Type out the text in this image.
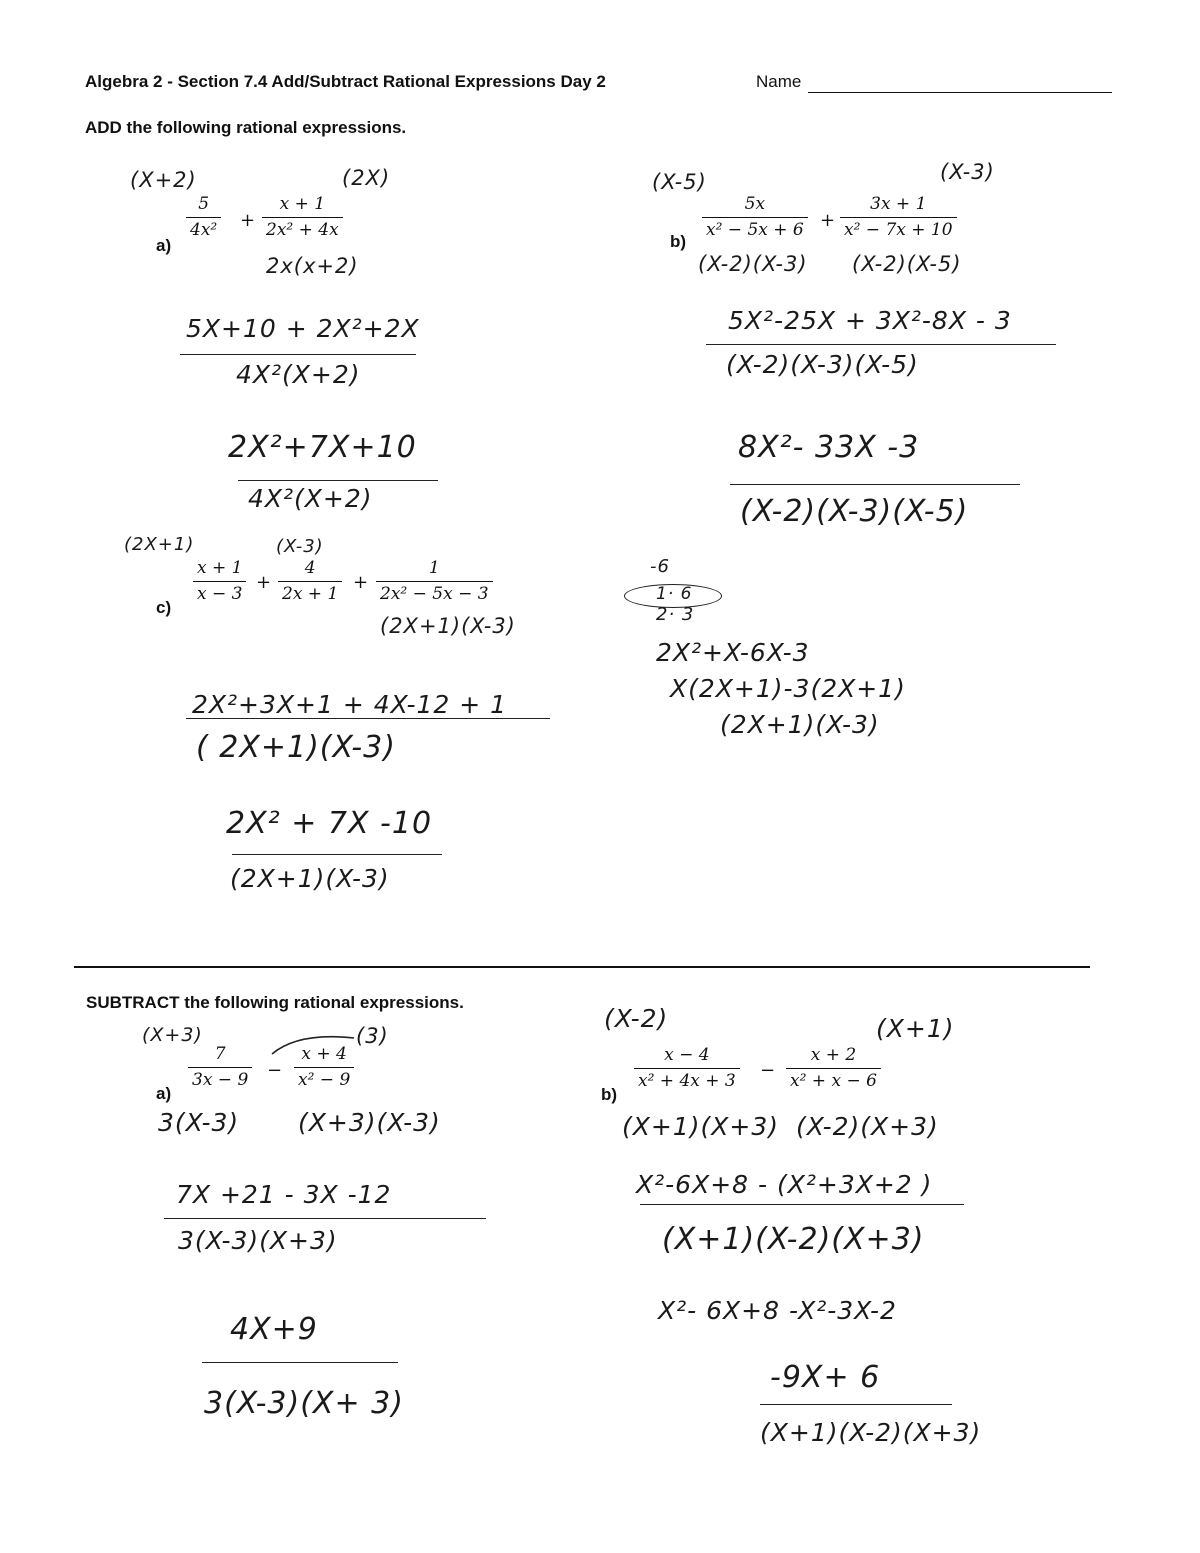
Algebra 2 - Section 7.4 Add/Subtract Rational Expressions Day 2	Name
ADD the following rational expressions.
(X+2)	(2X)
a)
$\frac{5}{\text{4x²}} + \frac{x + 1}{\text{2x² + 4x}}$
2x(x+2)
5X+10 + 2X²+2X
4X²(X+2)
2X²+7X+10
4X²(X+2)
(X-5)	(X-3)
b)
$\frac{5x}{\text{x² − 5x + 6}} + \frac{3x + 1}{\text{x² − 7x + 10}}$
(X-2)(X-3) (X-2)(X-5)
5X²-25X + 3X²-8X - 3
(X-2)(X-3)(X-5)
8X²- 33X -3
(X-2)(X-3)(X-5)
(2X+1)	(X-3)
c)
$\frac{x + 1}{x - 3} + \frac{4}{2x + 1} + \frac{1}{\text{2x² − 5x − 3}}$
(2X+1)(X-3)
2X²+3X+1 + 4X-12 + 1
( 2X+1)(X-3)
2X² + 7X -10
(2X+1)(X-3)
-6
1· 6
2· 3
2X²+X-6X-3
X(2X+1)-3(2X+1)
(2X+1)(X-3)
SUBTRACT the following rational expressions.
(X+3)	(3)
a)
$\frac{7}{3x - 9} - \frac{x + 4}{\text{x² − 9}}$
3(X-3) (X+3)(X-3)
7X +21 - 3X -12
3(X-3)(X+3)
4X+9
3(X-3)(X+ 3)
(X-2)	(X+1)
b)
$\frac{x - 4}{\text{x² + 4x + 3}} - \frac{x + 2}{\text{x² + x − 6}}$
(X+1)(X+3) (X-2)(X+3)
X²-6X+8 - (X²+3X+2 )
(X+1)(X-2)(X+3)
X²- 6X+8 -X²-3X-2
-9X+ 6
(X+1)(X-2)(X+3)
